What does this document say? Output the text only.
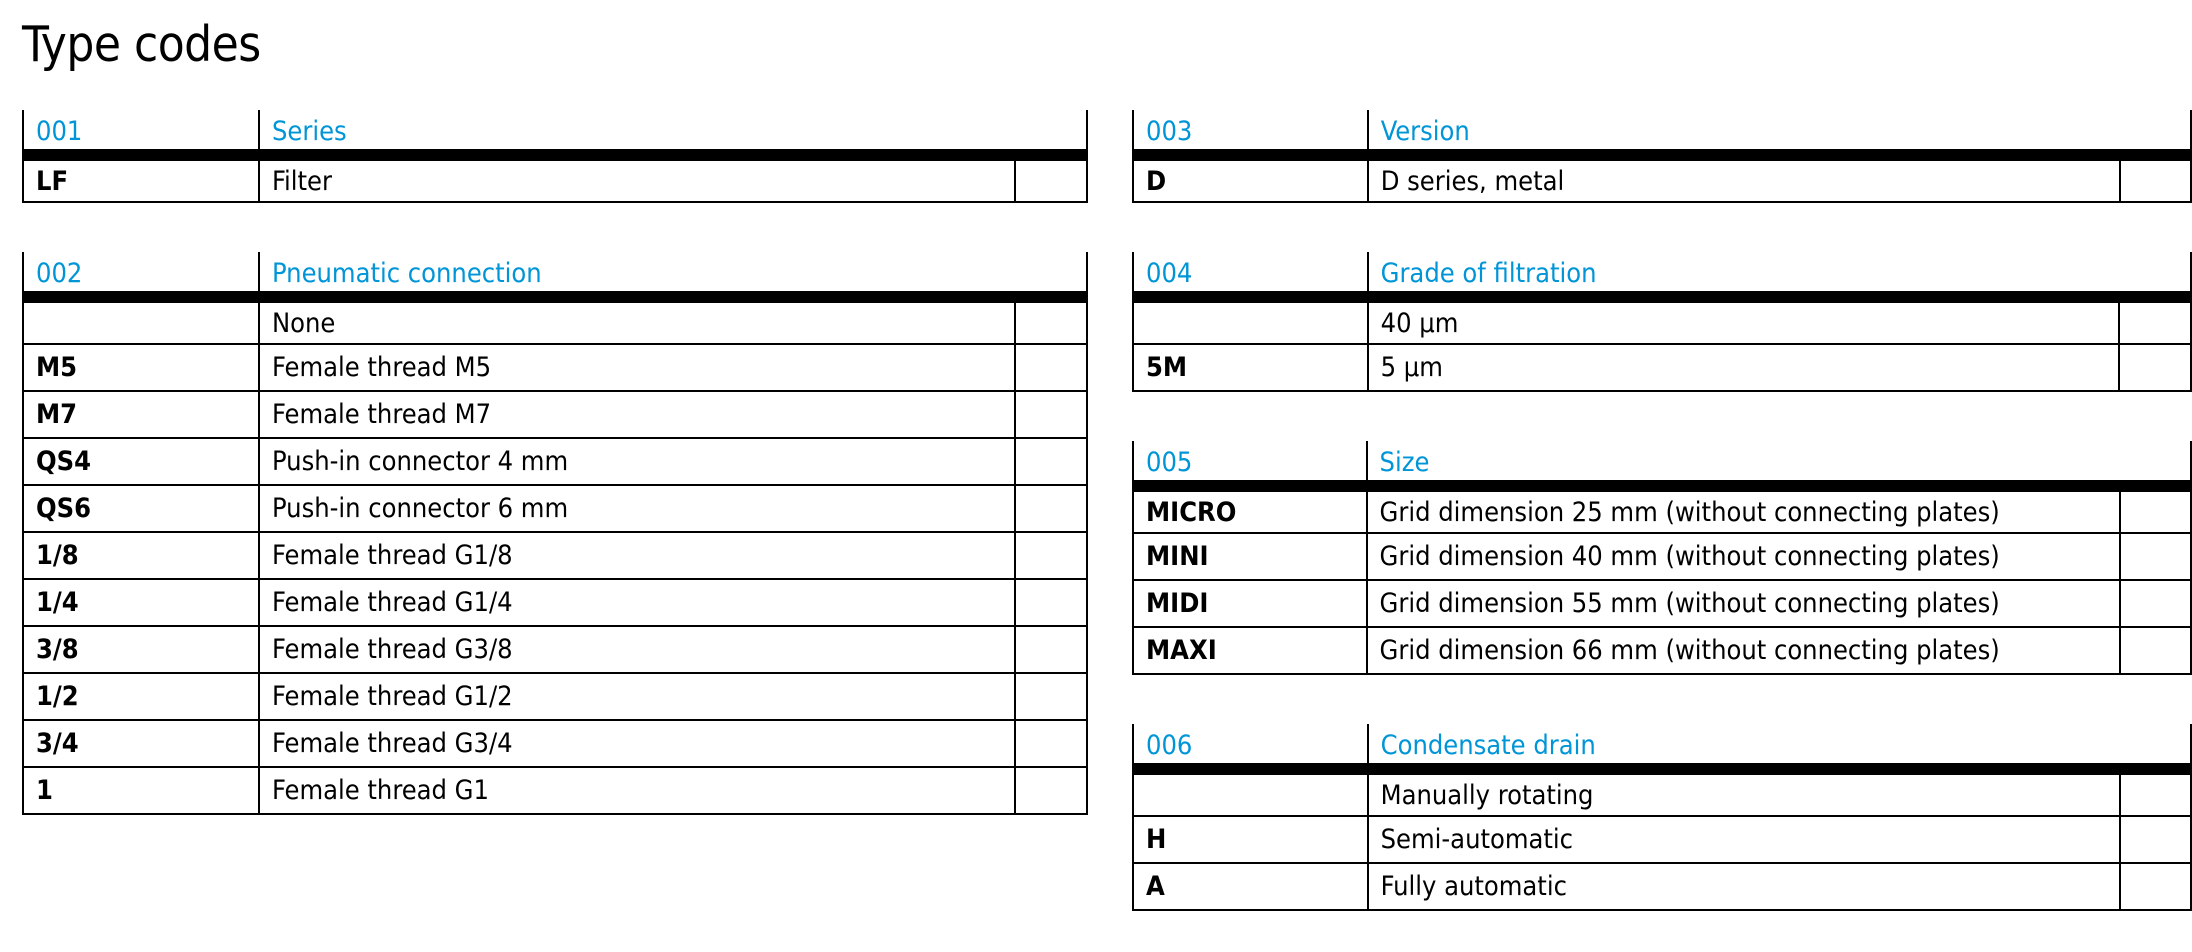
Type codes
001	Series	
LF	Filter	
002	Pneumatic connection	
	None	
M5	Female thread M5	
M7	Female thread M7	
QS4	Push-in connector 4 mm	
QS6	Push-in connector 6 mm	
1/8	Female thread G1/8	
1/4	Female thread G1/4	
3/8	Female thread G3/8	
1/2	Female thread G1/2	
3/4	Female thread G3/4	
1	Female thread G1	
003	Version	
D	D series, metal	
004	Grade of filtration	
	40 µm	
5M	5 µm	
005	Size	
MICRO	Grid dimension 25 mm (without connecting plates)	
MINI	Grid dimension 40 mm (without connecting plates)	
MIDI	Grid dimension 55 mm (without connecting plates)	
MAXI	Grid dimension 66 mm (without connecting plates)	
006	Condensate drain	
	Manually rotating	
H	Semi-automatic	
A	Fully automatic	
